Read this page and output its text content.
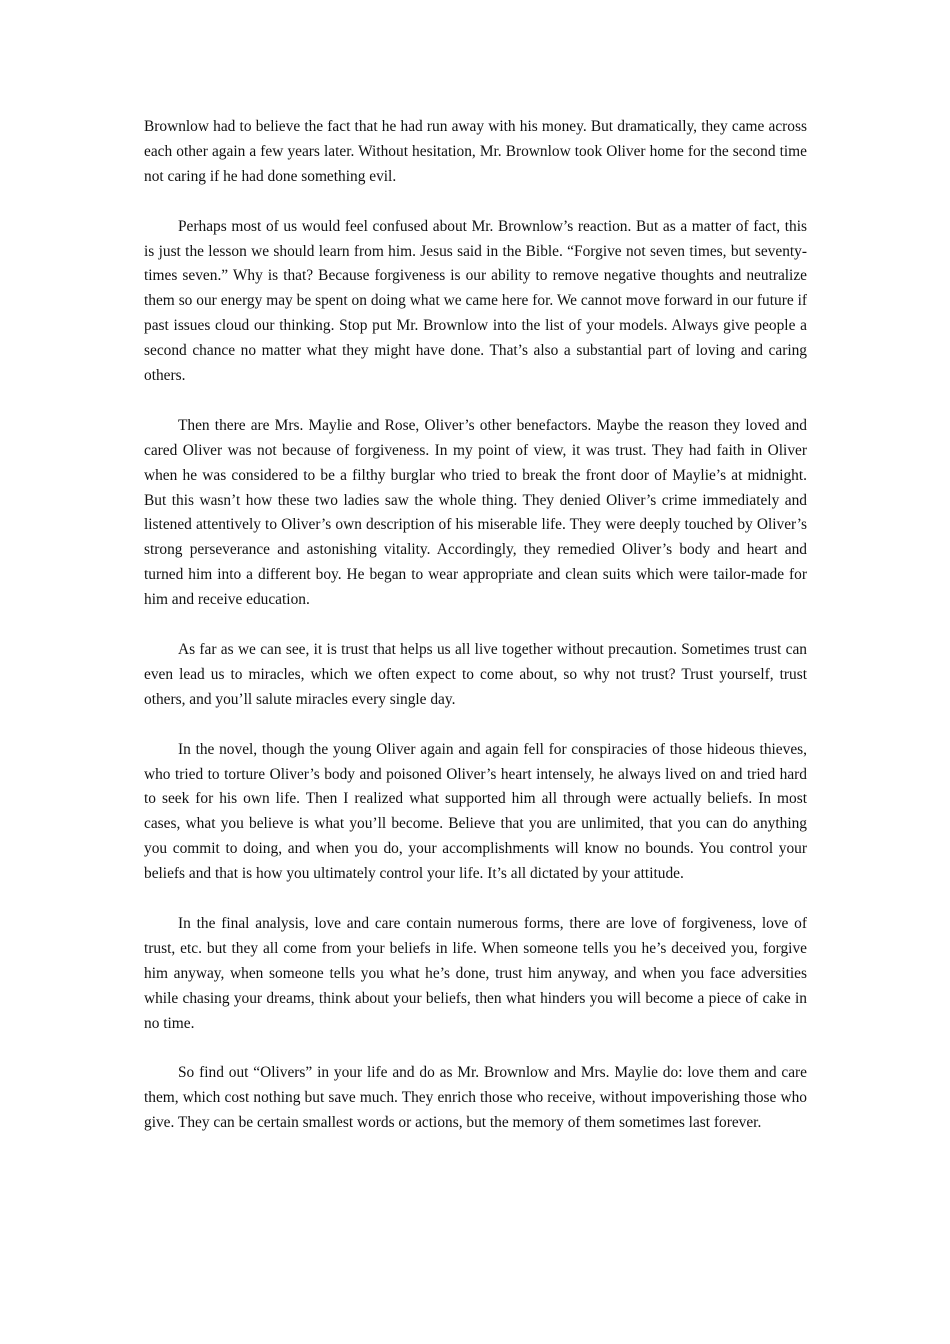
Brownlow had to believe the fact that he had run away with his money. But dramatically, they came across each other again a few years later. Without hesitation, Mr. Brownlow took Oliver home for the second time not caring if he had done something evil.

Perhaps most of us would feel confused about Mr. Brownlow’s reaction. But as a matter of fact, this is just the lesson we should learn from him. Jesus said in the Bible. “Forgive not seven times, but seventy-times seven.” Why is that? Because forgiveness is our ability to remove negative thoughts and neutralize them so our energy may be spent on doing what we came here for. We cannot move forward in our future if past issues cloud our thinking. Stop put Mr. Brownlow into the list of your models. Always give people a second chance no matter what they might have done. That’s also a substantial part of loving and caring others.

Then there are Mrs. Maylie and Rose, Oliver’s other benefactors. Maybe the reason they loved and cared Oliver was not because of forgiveness. In my point of view, it was trust. They had faith in Oliver when he was considered to be a filthy burglar who tried to break the front door of Maylie’s at midnight. But this wasn’t how these two ladies saw the whole thing. They denied Oliver’s crime immediately and listened attentively to Oliver’s own description of his miserable life. They were deeply touched by Oliver’s strong perseverance and astonishing vitality. Accordingly, they remedied Oliver’s body and heart and turned him into a different boy. He began to wear appropriate and clean suits which were tailor-made for him and receive education.

As far as we can see, it is trust that helps us all live together without precaution. Sometimes trust can even lead us to miracles, which we often expect to come about, so why not trust? Trust yourself, trust others, and you’ll salute miracles every single day.

In the novel, though the young Oliver again and again fell for conspiracies of those hideous thieves, who tried to torture Oliver’s body and poisoned Oliver’s heart intensely, he always lived on and tried hard to seek for his own life. Then I realized what supported him all through were actually beliefs. In most cases, what you believe is what you’ll become. Believe that you are unlimited, that you can do anything you commit to doing, and when you do, your accomplishments will know no bounds. You control your beliefs and that is how you ultimately control your life. It’s all dictated by your attitude.

In the final analysis, love and care contain numerous forms, there are love of forgiveness, love of trust, etc. but they all come from your beliefs in life. When someone tells you he’s deceived you, forgive him anyway, when someone tells you what he’s done, trust him anyway, and when you face adversities while chasing your dreams, think about your beliefs, then what hinders you will become a piece of cake in no time.

So find out “Olivers” in your life and do as Mr. Brownlow and Mrs. Maylie do: love them and care them, which cost nothing but save much. They enrich those who receive, without impoverishing those who give. They can be certain smallest words or actions, but the memory of them sometimes last forever.
